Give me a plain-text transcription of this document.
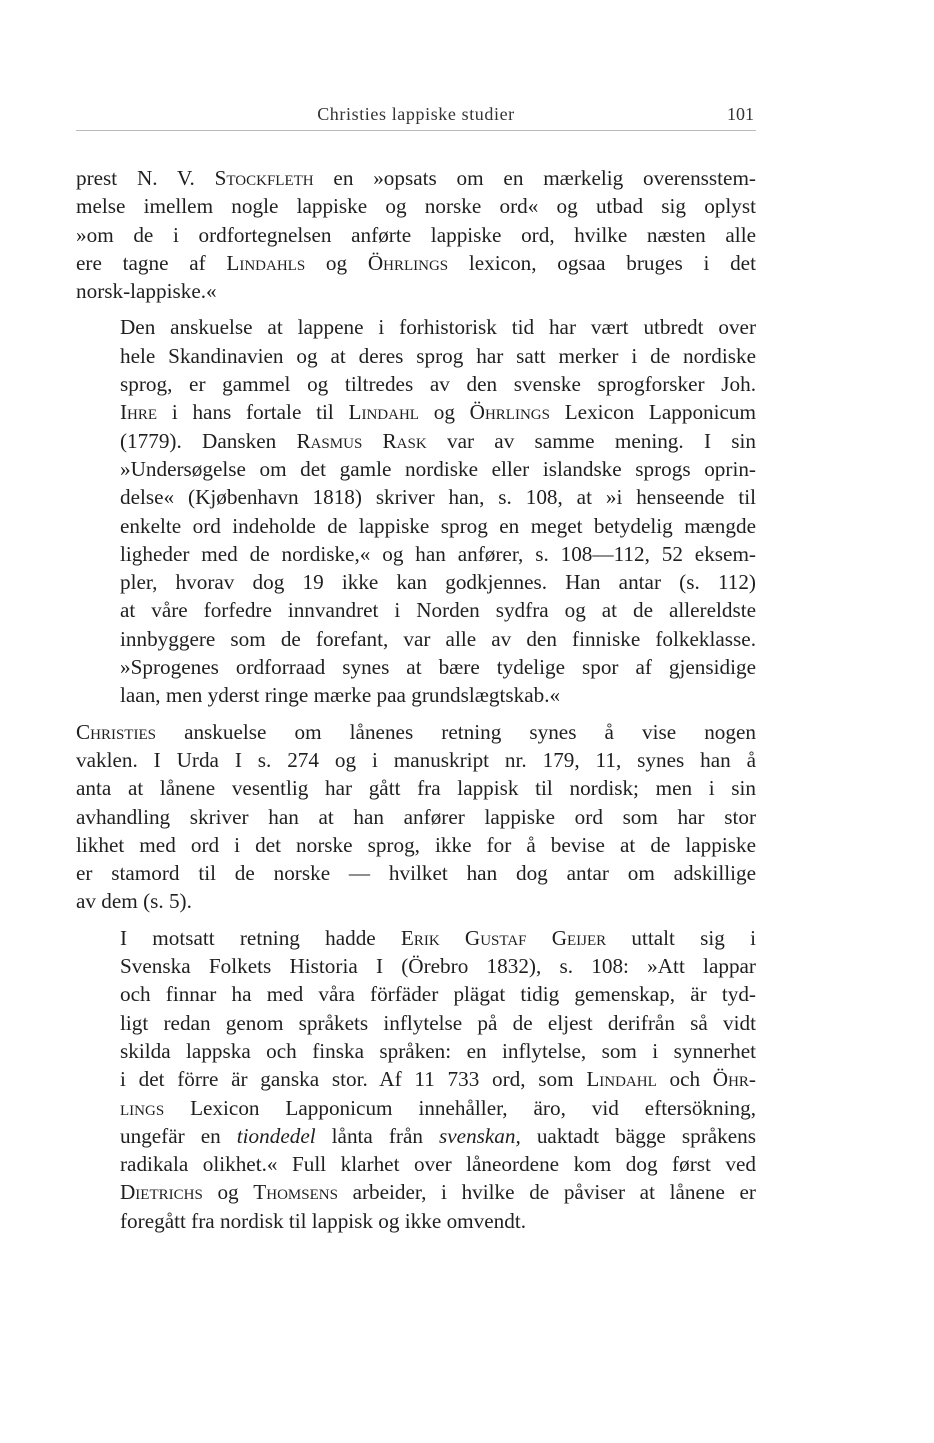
Christies lappiske studier	101

prest N. V. Stockfleth en »opsats om en mærkelig overensstem-
melse imellem nogle lappiske og norske ord« og utbad sig oplyst
»om de i ordfortegnelsen anførte lappiske ord, hvilke næsten alle
ere tagne af Lindahls og Öhrlings lexicon, ogsaa bruges i det
norsk-lappiske.«

Den anskuelse at lappene i forhistorisk tid har vært utbredt over
hele Skandinavien og at deres sprog har satt merker i de nordiske
sprog, er gammel og tiltredes av den svenske sprogforsker Joh.
Ihre i hans fortale til Lindahl og Öhrlings Lexicon Lapponicum
(1779). Dansken Rasmus Rask var av samme mening. I sin
»Undersøgelse om det gamle nordiske eller islandske sprogs oprin-
delse« (Kjøbenhavn 1818) skriver han, s. 108, at »i henseende til
enkelte ord indeholde de lappiske sprog en meget betydelig mængde
ligheder med de nordiske,« og han anfører, s. 108—112, 52 eksem-
pler, hvorav dog 19 ikke kan godkjennes. Han antar (s. 112)
at våre forfedre innvandret i Norden sydfra og at de allereldste
innbyggere som de forefant, var alle av den finniske folkeklasse.
»Sprogenes ordforraad synes at bære tydelige spor af gjensidige
laan, men yderst ringe mærke paa grundslægtskab.«

Christies anskuelse om lånenes retning synes å vise nogen
vaklen. I Urda I s. 274 og i manuskript nr. 179, 11, synes han å
anta at lånene vesentlig har gått fra lappisk til nordisk; men i sin
avhandling skriver han at han anfører lappiske ord som har stor
likhet med ord i det norske sprog, ikke for å bevise at de lappiske
er stamord til de norske — hvilket han dog antar om adskillige
av dem (s. 5).

I motsatt retning hadde Erik Gustaf Geijer uttalt sig i
Svenska Folkets Historia I (Örebro 1832), s. 108: »Att lappar
och finnar ha med våra förfäder plägat tidig gemenskap, är tyd-
ligt redan genom språkets inflytelse på de eljest derifrån så vidt
skilda lappska och finska språken: en inflytelse, som i synnerhet
i det förre är ganska stor. Af 11 733 ord, som Lindahl och Öhr-
lings Lexicon Lapponicum innehåller, äro, vid eftersökning,
ungefär en tiondedel lånta från svenskan, uaktadt bägge språkens
radikala olikhet.« Full klarhet over låneordene kom dog først ved
Dietrichs og Thomsens arbeider, i hvilke de påviser at lånene er
foregått fra nordisk til lappisk og ikke omvendt.
